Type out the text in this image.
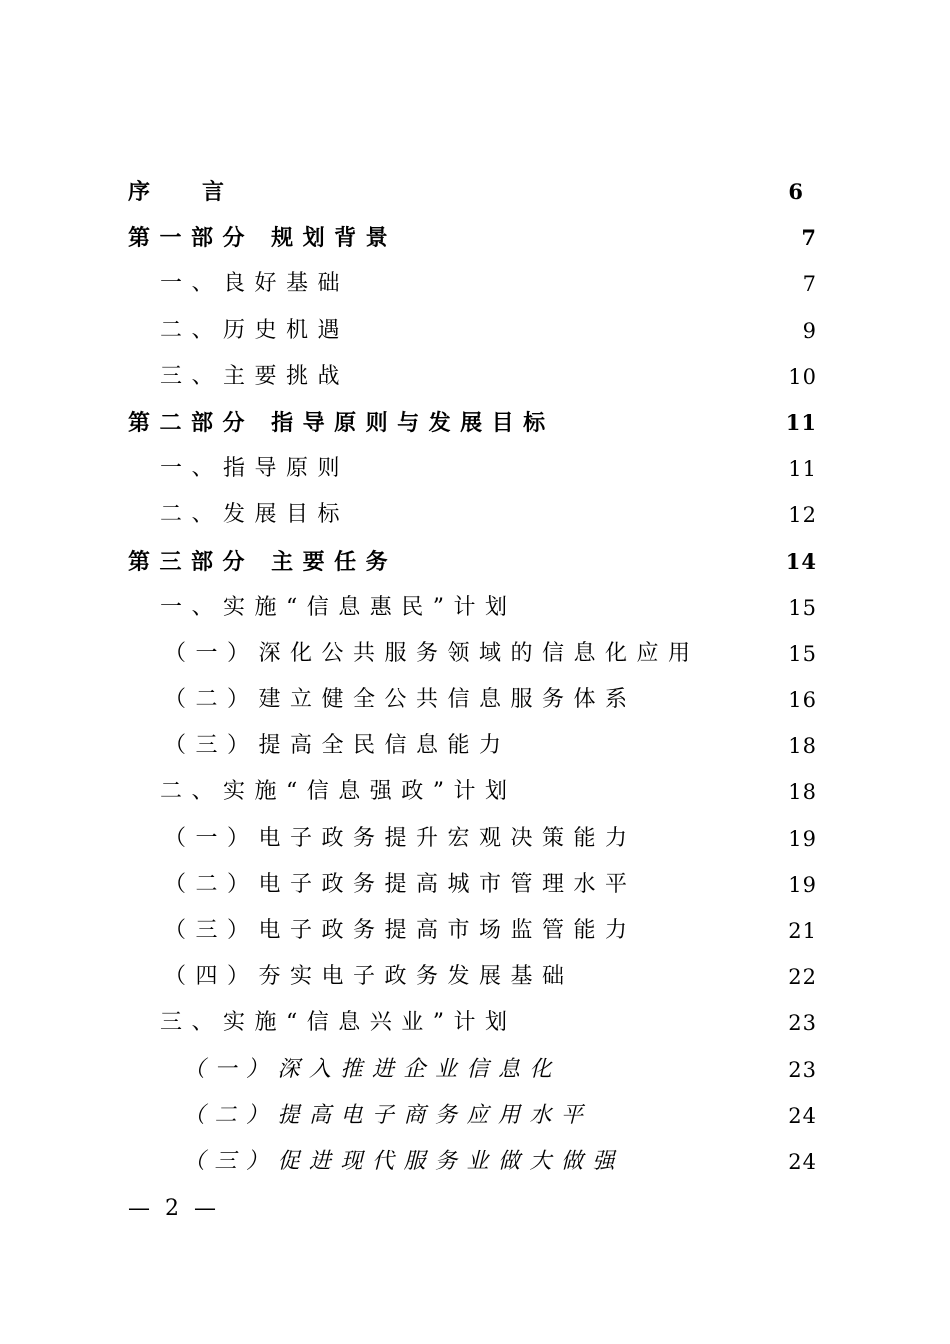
序 言	6
第一部分 规划背景	7
一、良好基础	7
二、历史机遇	9
三、主要挑战	10
第二部分 指导原则与发展目标	11
一、指导原则	11
二、发展目标	12
第三部分 主要任务	14
一、实施“信息惠民”计划	15
（一）深化公共服务领域的信息化应用	15
（二）建立健全公共信息服务体系	16
（三）提高全民信息能力	18
二、实施“信息强政”计划	18
（一）电子政务提升宏观决策能力	19
（二）电子政务提高城市管理水平	19
（三）电子政务提高市场监管能力	21
（四）夯实电子政务发展基础	22
三、实施“信息兴业”计划	23
（一）深入推进企业信息化	23
（二）提高电子商务应用水平	24
（三）促进现代服务业做大做强	24
— 2 —
